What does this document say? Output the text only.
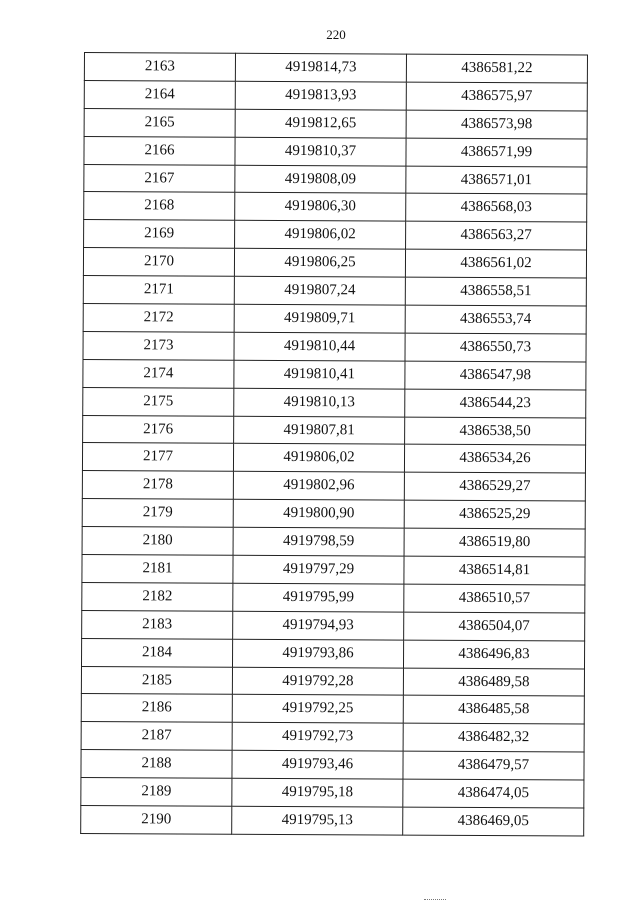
220
2163	4919814,73	4386581,22
2164	4919813,93	4386575,97
2165	4919812,65	4386573,98
2166	4919810,37	4386571,99
2167	4919808,09	4386571,01
2168	4919806,30	4386568,03
2169	4919806,02	4386563,27
2170	4919806,25	4386561,02
2171	4919807,24	4386558,51
2172	4919809,71	4386553,74
2173	4919810,44	4386550,73
2174	4919810,41	4386547,98
2175	4919810,13	4386544,23
2176	4919807,81	4386538,50
2177	4919806,02	4386534,26
2178	4919802,96	4386529,27
2179	4919800,90	4386525,29
2180	4919798,59	4386519,80
2181	4919797,29	4386514,81
2182	4919795,99	4386510,57
2183	4919794,93	4386504,07
2184	4919793,86	4386496,83
2185	4919792,28	4386489,58
2186	4919792,25	4386485,58
2187	4919792,73	4386482,32
2188	4919793,46	4386479,57
2189	4919795,18	4386474,05
2190	4919795,13	4386469,05
